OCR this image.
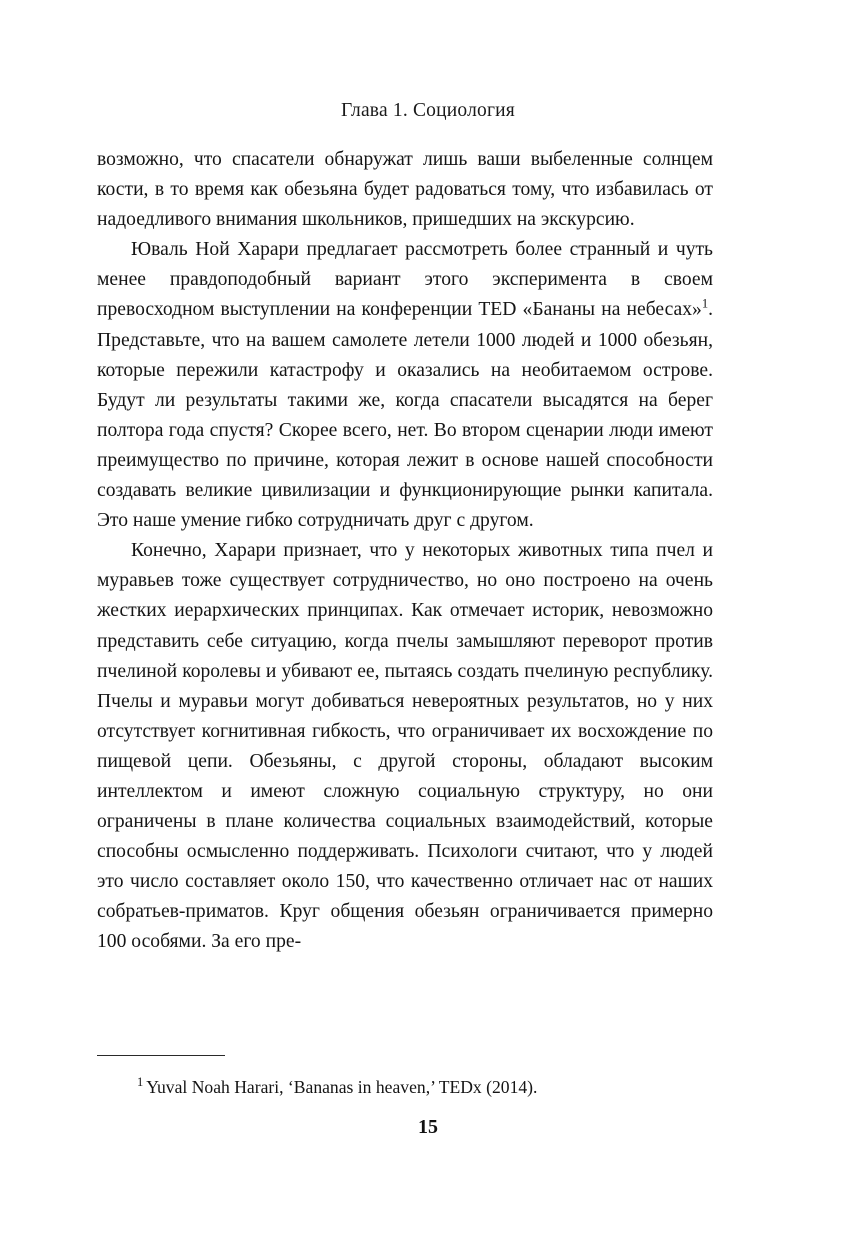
Глава 1. Социология

возможно, что спасатели обнаружат лишь ваши выбеленные солнцем кости, в то время как обезьяна будет радоваться тому, что избавилась от надоедливого внимания школьников, пришедших на экскурсию.

Юваль Ной Харари предлагает рассмотреть более странный и чуть менее правдоподобный вариант этого эксперимента в своем превосходном выступлении на конференции TED «Бананы на небесах»$^1$. Представьте, что на вашем самолете летели 1000 людей и 1000 обезьян, которые пережили катастрофу и оказались на необитаемом острове. Будут ли результаты такими же, когда спасатели высадятся на берег полтора года спустя? Скорее всего, нет. Во втором сценарии люди имеют преимущество по причине, которая лежит в основе нашей способности создавать великие цивилизации и функционирующие рынки капитала. Это наше умение гибко сотрудничать друг с другом.

Конечно, Харари признает, что у некоторых животных типа пчел и муравьев тоже существует сотрудничество, но оно построено на очень жестких иерархических принципах. Как отмечает историк, невозможно представить себе ситуацию, когда пчелы замышляют переворот против пчелиной королевы и убивают ее, пытаясь создать пчелиную республику. Пчелы и муравьи могут добиваться невероятных результатов, но у них отсутствует когнитивная гибкость, что ограничивает их восхождение по пищевой цепи. Обезьяны, с другой стороны, обладают высоким интеллектом и имеют сложную социальную структуру, но они ограничены в плане количества социальных взаимодействий, которые способны осмысленно поддерживать. Психологи считают, что у людей это число составляет около 150, что качественно отличает нас от наших собратьев-приматов. Круг общения обезьян ограничивается примерно 100 особями. За его пре-

$^1$ Yuval Noah Harari, ‘Bananas in heaven,’ TEDx (2014).
15
